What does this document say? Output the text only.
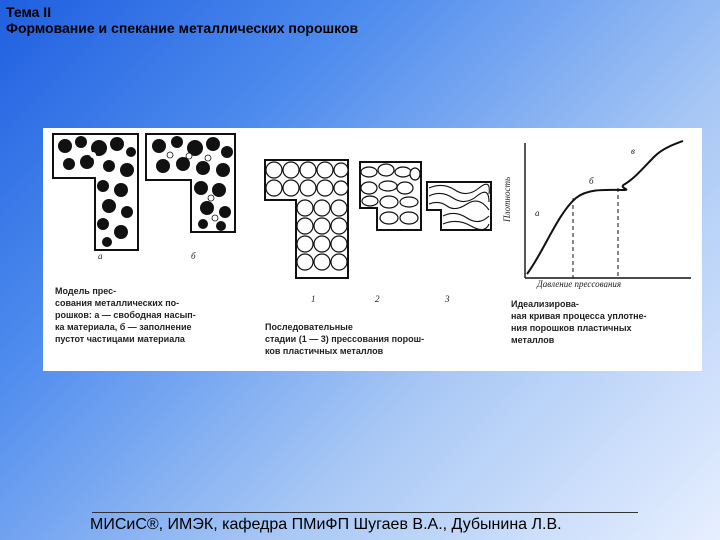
Тема II
Формование и спекание металлических порошков
а	б
1	2	3
Плотность
Давление прессования
а
б
в
Модель прес-
сования металлических по-
рошков: а — свободная насып-
ка материала, б — заполнение
пустот частицами материала
Последовательные
стадии (1 — 3) прессования порош-
ков пластичных металлов
Идеализирова-
ная кривая процесса уплотне-
ния порошков пластичных
металлов
МИСиС®, ИМЭК, кафедра ПМиФП Шугаев В.А., Дубынина Л.В.
